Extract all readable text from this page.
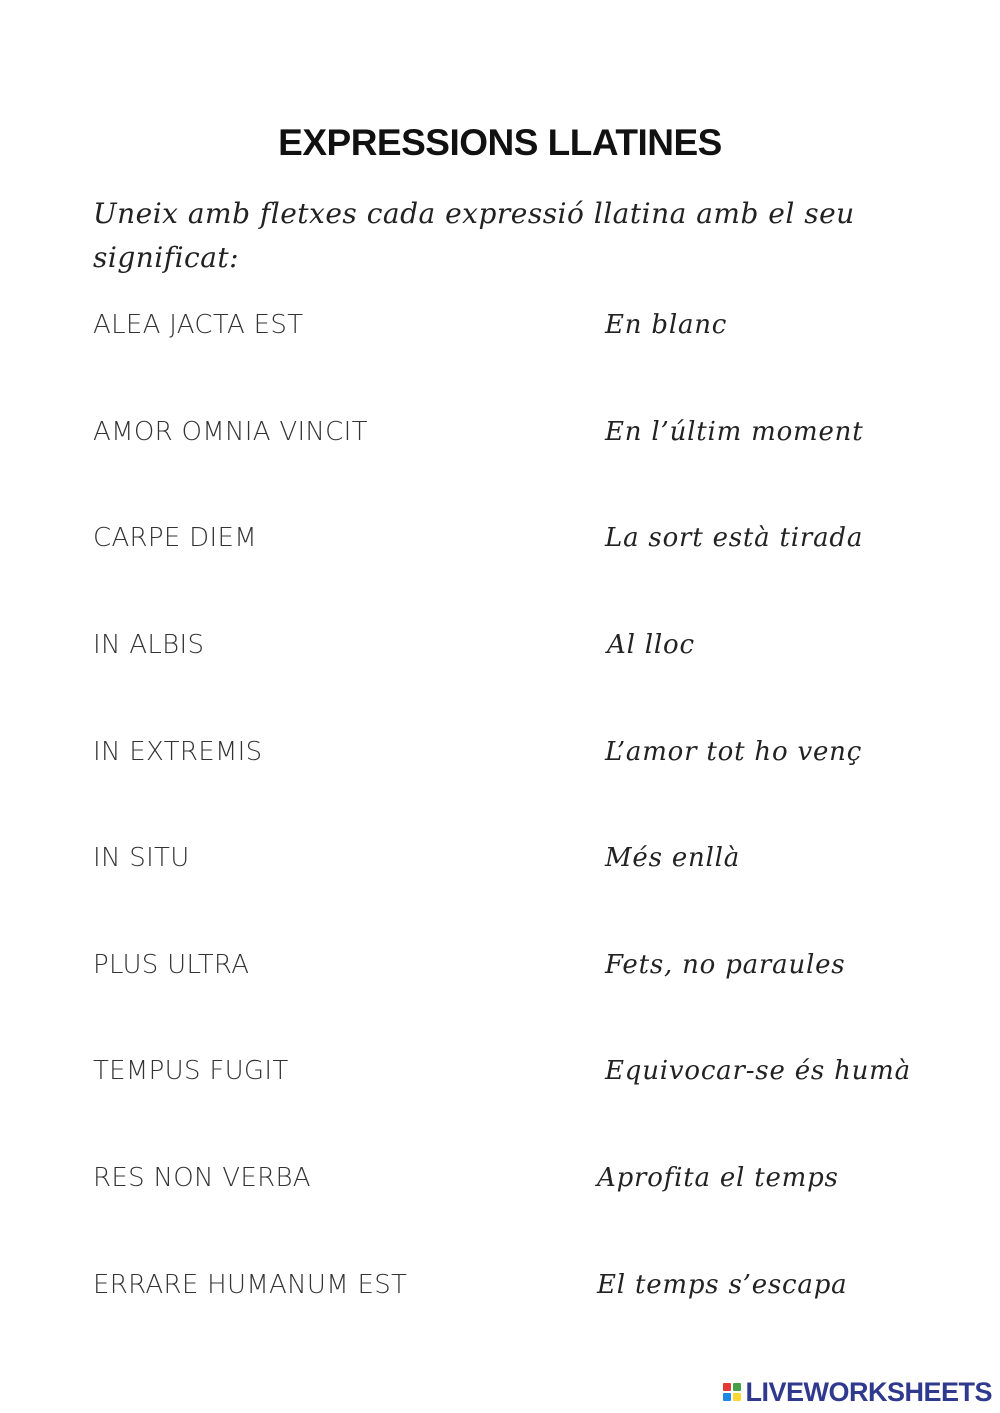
EXPRESSIONS LLATINES
Uneix amb fletxes cada expressió llatina amb el seu significat:
ALEA JACTA EST	En blanc
AMOR OMNIA VINCIT	En l’últim moment
CARPE DIEM	La sort està tirada
IN ALBIS	Al lloc
IN EXTREMIS	L’amor tot ho venç
IN SITU	Més enllà
PLUS ULTRA	Fets, no paraules
TEMPUS FUGIT	Equivocar-se és humà
RES NON VERBA	Aprofita el temps
ERRARE HUMANUM EST	El temps s’escapa
LIVEWORKSHEETS
